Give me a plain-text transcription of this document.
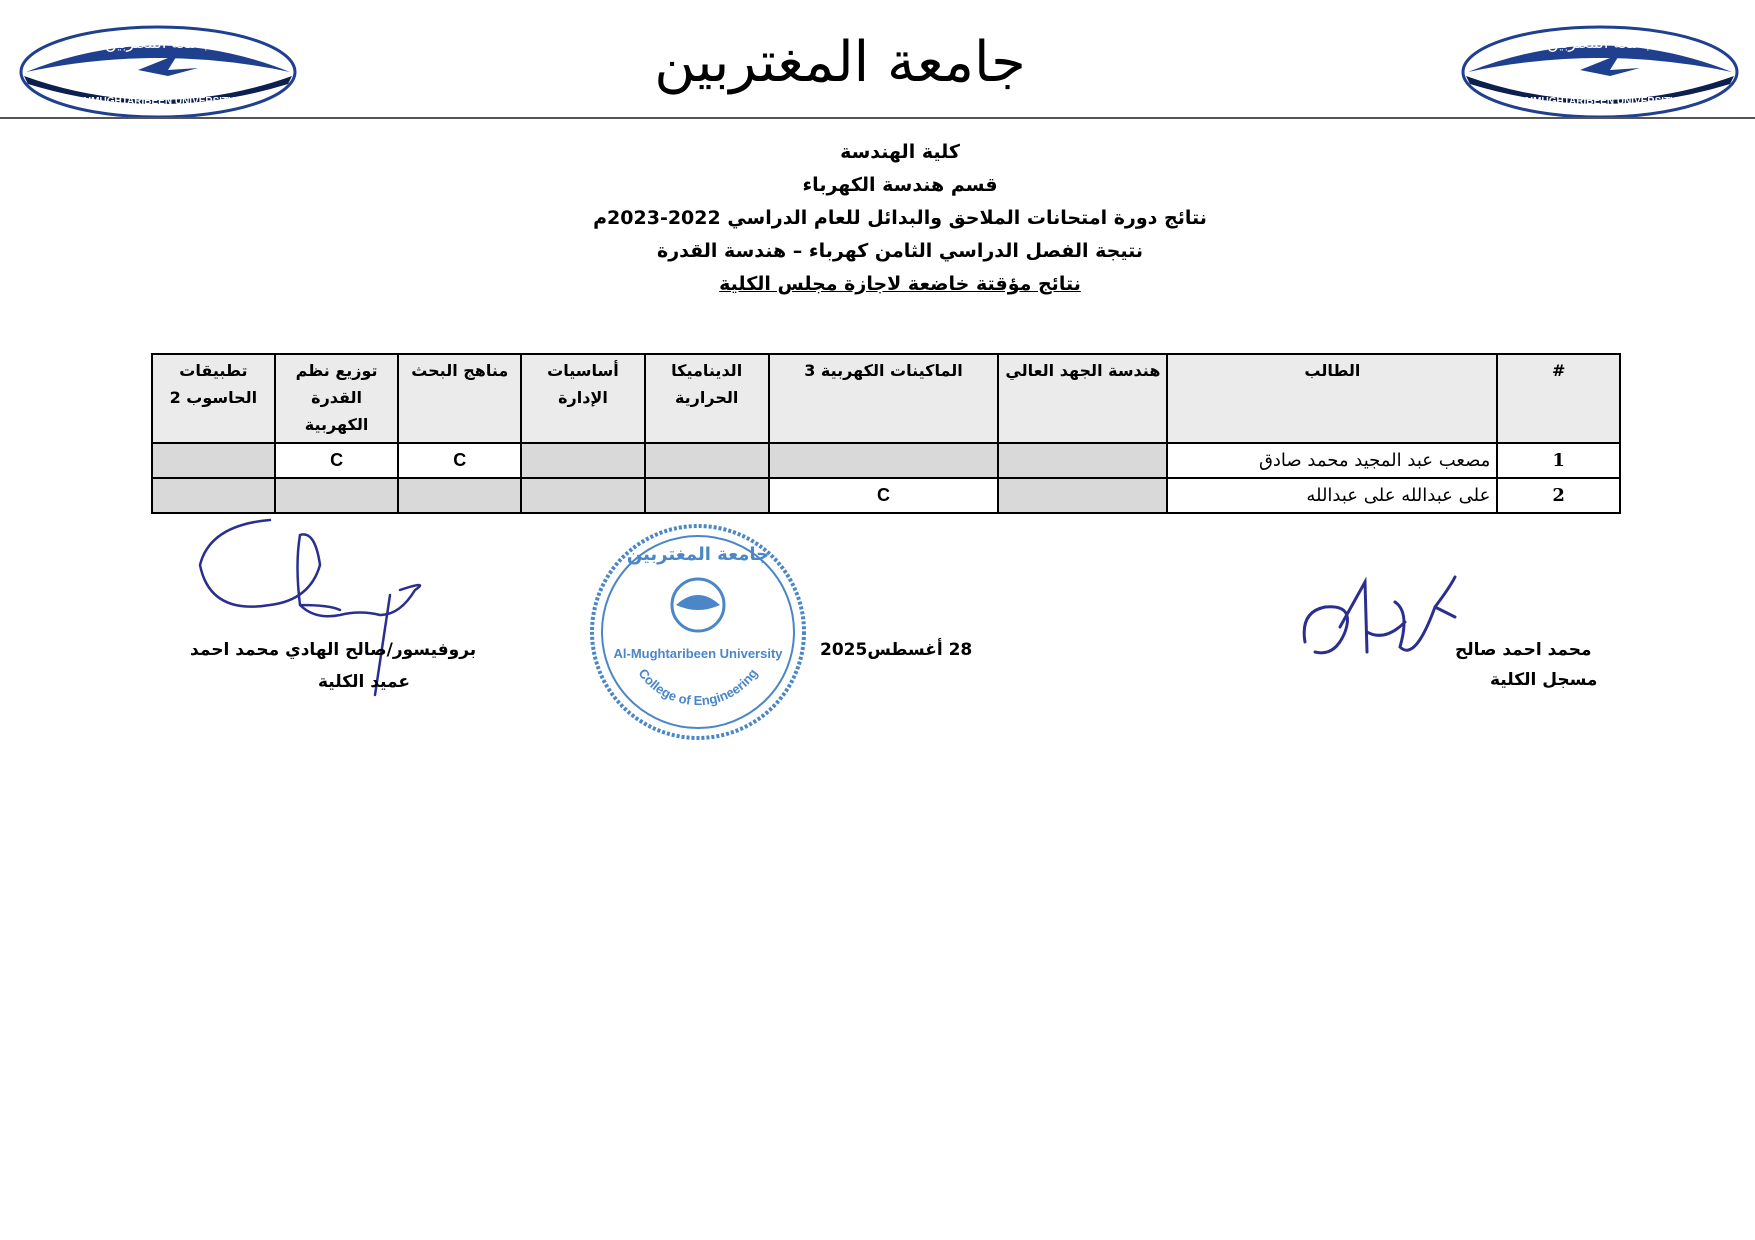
جامعة المغتربين
AIMUGHTARIBEEN UNIVERSITY
جامعة المغتربين	جامعة المغتربين
AIMUGHTARIBEEN UNIVERSITY
كلية الهندسة
قسم هندسة الكهرباء
نتائج دورة امتحانات الملاحق والبدائل للعام الدراسي 2022-2023م
نتيجة الفصل الدراسي الثامن كهرباء – هندسة القدرة
نتائج مؤقتة خاضعة لاجازة مجلس الكلية
#	الطالب	هندسة الجهد العالي	الماكينات الكهربية 3	الديناميكا الحرارية	أساسيات الإدارة	مناهج البحث	توزيع نظم القدرة الكهربية	تطبيقات الحاسوب 2
1	مصعب عبد المجيد محمد صادق					C	C	
2	على عبدالله على عبدالله		C					
محمد احمد صالح
مسجل الكلية
28 أغسطس2025
جامعة المغتربين
Al-Mughtaribeen University
College of Engineering
بروفيسور/صالح الهادي محمد احمد
عميد الكلية
